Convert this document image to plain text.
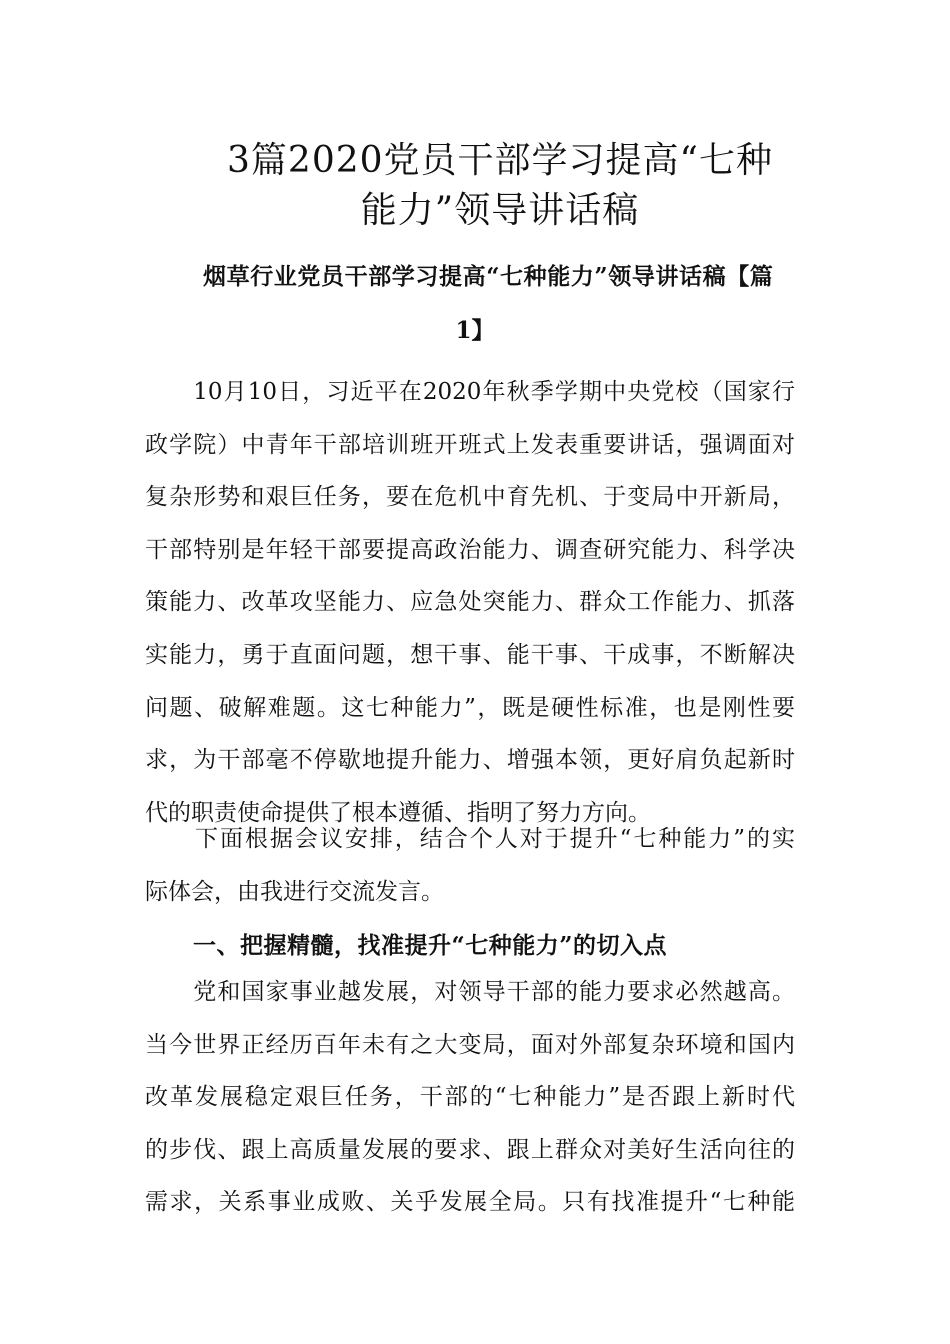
3篇2020党员干部学习提高“七种
能力”领导讲话稿
烟草行业党员干部学习提高“七种能力”领导讲话稿【篇
1】
　　10月10日，习近平在2020年秋季学期中央党校（国家行
政学院）中青年干部培训班开班式上发表重要讲话，强调面对
复杂形势和艰巨任务，要在危机中育先机、于变局中开新局，
干部特别是年轻干部要提高政治能力、调查研究能力、科学决
策能力、改革攻坚能力、应急处突能力、群众工作能力、抓落
实能力，勇于直面问题，想干事、能干事、干成事，不断解决
问题、破解难题。这七种能力”，既是硬性标准，也是刚性要
求，为干部毫不停歇地提升能力、增强本领，更好肩负起新时
代的职责使命提供了根本遵循、指明了努力方向。
　　下面根据会议安排，结合个人对于提升“七种能力”的实
际体会，由我进行交流发言。
一、把握精髓，找准提升“七种能力”的切入点
　　党和国家事业越发展，对领导干部的能力要求必然越高。
当今世界正经历百年未有之大变局，面对外部复杂环境和国内
改革发展稳定艰巨任务，干部的“七种能力”是否跟上新时代
的步伐、跟上高质量发展的要求、跟上群众对美好生活向往的
需求，关系事业成败、关乎发展全局。只有找准提升“七种能
